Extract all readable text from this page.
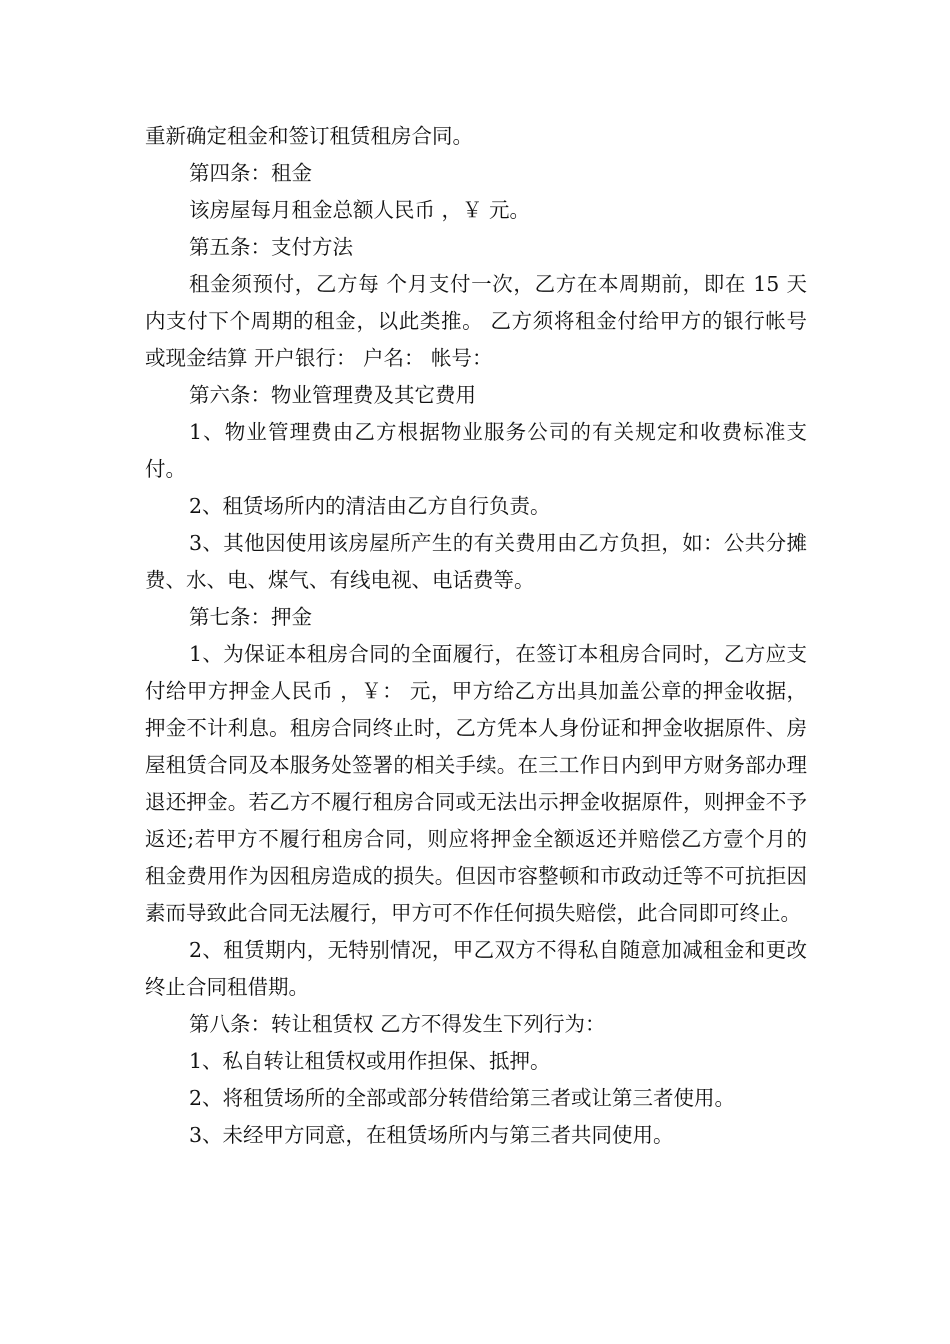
重新确定租金和签订租赁租房合同。

第四条：租金

该房屋每月租金总额人民币 ，￥ 元。

第五条：支付方法

租金须预付，乙方每 个月支付一次，乙方在本周期前，即在 15 天内支付下个周期的租金，以此类推。 乙方须将租金付给甲方的银行帐号或现金结算 开户银行： 户名： 帐号：

第六条：物业管理费及其它费用

1、物业管理费由乙方根据物业服务公司的有关规定和收费标准支付。

2、租赁场所内的清洁由乙方自行负责。

3、其他因使用该房屋所产生的有关费用由乙方负担，如：公共分摊费、水、电、煤气、有线电视、电话费等。

第七条：押金

1、为保证本租房合同的全面履行，在签订本租房合同时，乙方应支付给甲方押金人民币 ，￥： 元，甲方给乙方出具加盖公章的押金收据，押金不计利息。租房合同终止时，乙方凭本人身份证和押金收据原件、房屋租赁合同及本服务处签署的相关手续。在三工作日内到甲方财务部办理退还押金。若乙方不履行租房合同或无法出示押金收据原件，则押金不予返还;若甲方不履行租房合同，则应将押金全额返还并赔偿乙方壹个月的租金费用作为因租房造成的损失。但因市容整顿和市政动迁等不可抗拒因素而导致此合同无法履行，甲方可不作任何损失赔偿，此合同即可终止。

2、租赁期内，无特别情况，甲乙双方不得私自随意加减租金和更改终止合同租借期。

第八条：转让租赁权 乙方不得发生下列行为：

1、私自转让租赁权或用作担保、抵押。

2、将租赁场所的全部或部分转借给第三者或让第三者使用。

3、未经甲方同意，在租赁场所内与第三者共同使用。
